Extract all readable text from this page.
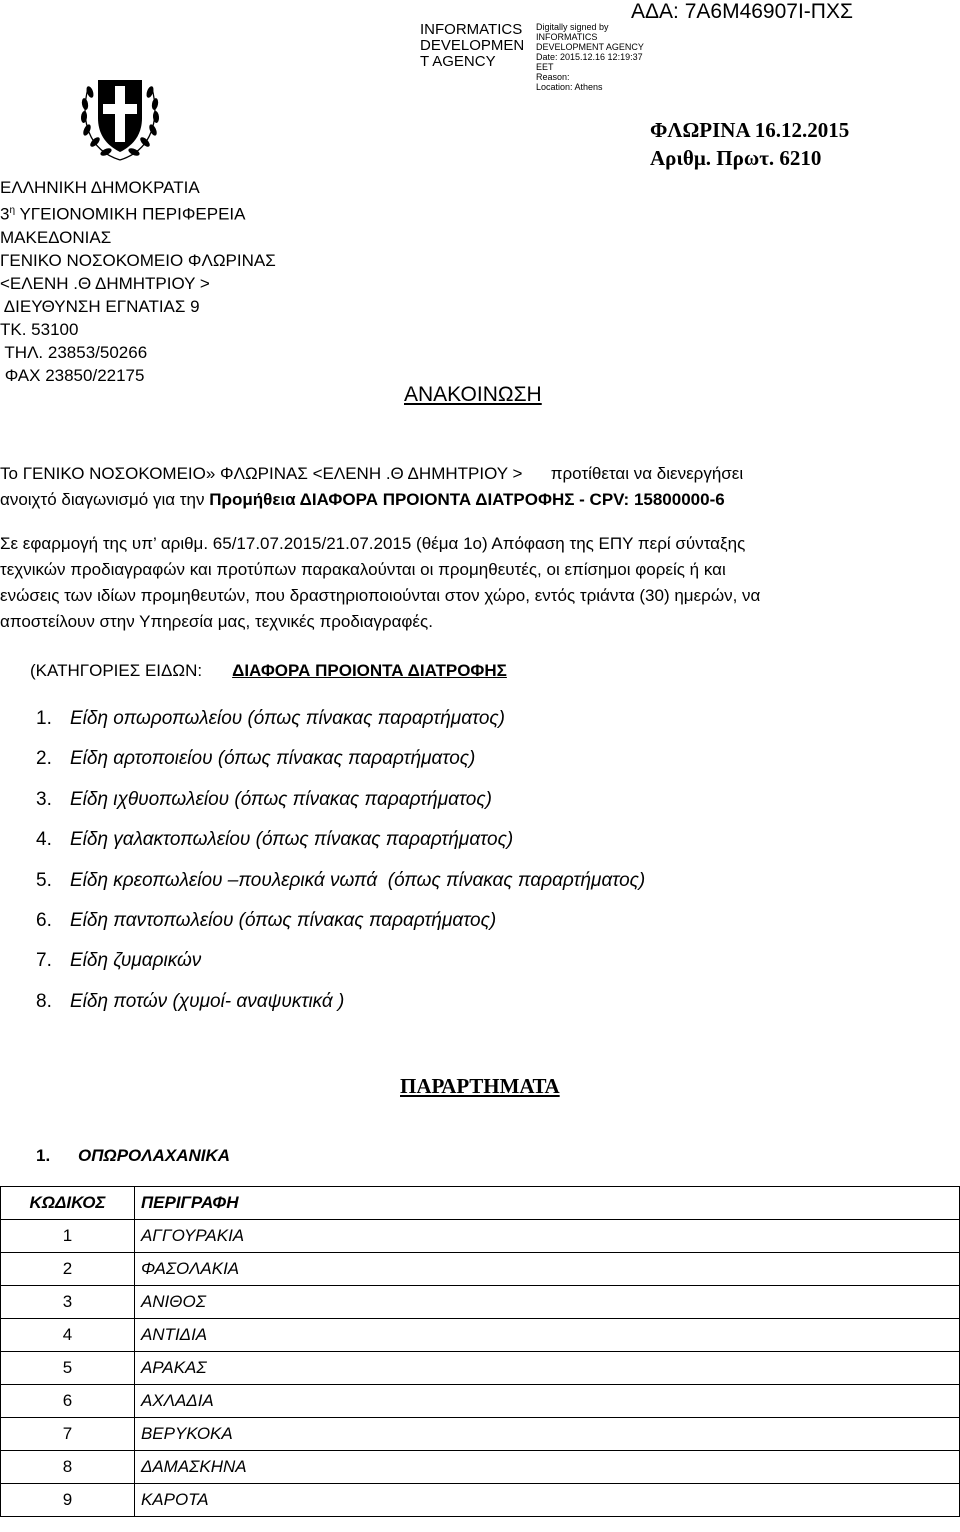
INFORMATICS
DEVELOPMEN
T AGENCY
Digitally signed by
INFORMATICS
DEVELOPMENT AGENCY
Date: 2015.12.16 12:19:37
EET
Reason:
Location: Athens
ΑΔΑ: 7Α6Μ46907Ι-ΠΧΣ
ΦΛΩΡΙΝΑ 16.12.2015
Αριθμ. Πρωτ. 6210
ΕΛΛΗΝΙΚΗ ΔΗΜΟΚΡΑΤΙΑ
$3^\eta$ ΥΓΕΙΟΝΟΜΙΚΗ ΠΕΡΙΦΕΡΕΙΑ
ΜΑΚΕΔΟΝΙΑΣ
ΓΕΝΙΚΟ ΝΟΣΟΚΟΜΕΙΟ ΦΛΩΡΙΝΑΣ
<ΕΛΕΝΗ .Θ ΔΗΜΗΤΡΙΟΥ >
ΔΙΕΥΘΥΝΣΗ ΕΓΝΑΤΙΑΣ 9
ΤΚ. 53100
ΤΗΛ. 23853/50266
ΦΑΧ 23850/22175
ΑΝΑΚΟΙΝΩΣΗ

Το ΓΕΝΙΚΟ ΝΟΣΟΚΟΜΕΙΟ» ΦΛΩΡΙΝΑΣ <ΕΛΕΝΗ .Θ ΔΗΜΗΤΡΙΟΥ >      προτίθεται να διενεργήσει

ανοιχτό διαγωνισμό για την Προμήθεια ΔΙΑΦΟΡΑ ΠΡΟΙΟΝΤΑ ΔΙΑΤΡΟΦΗΣ - CPV: 15800000-6

Σε εφαρμογή της υπ’ αριθμ. 65/17.07.2015/21.07.2015 (θέμα 1ο) Απόφαση της ΕΠΥ περί σύνταξης

τεχνικών προδιαγραφών και προτύπων παρακαλούνται οι προμηθευτές, οι επίσημοι φορείς ή και

ενώσεις των ιδίων προμηθευτών, που δραστηριοποιούνται στον χώρο, εντός τριάντα (30) ημερών, να

αποστείλουν στην Υπηρεσία μας, τεχνικές προδιαγραφές.

(ΚΑΤΗΓΟΡΙΕΣ ΕΙΔΩΝ: ΔΙΑΦΟΡΑ ΠΡΟΙΟΝΤΑ ΔΙΑΤΡΟΦΗΣ
1. Είδη οπωροπωλείου (όπως πίνακας παραρτήματος)
2. Είδη αρτοποιείου (όπως πίνακας παραρτήματος)
3. Είδη ιχθυοπωλείου (όπως πίνακας παραρτήματος)
4. Είδη γαλακτοπωλείου (όπως πίνακας παραρτήματος)
5. Είδη κρεοπωλείου –πουλερικά νωπά  (όπως πίνακας παραρτήματος)
6. Είδη παντοπωλείου (όπως πίνακας παραρτήματος)
7. Είδη ζυμαρικών
8. Είδη ποτών (χυμοί- αναψυκτικά )
ΠΑΡΑΡΤΗΜΑΤΑ
1. ΟΠΩΡΟΛΑΧΑΝΙΚΑ
ΚΩΔΙΚΟΣ	ΠΕΡΙΓΡΑΦΗ
1	ΑΓΓΟΥΡΑΚΙΑ
2	ΦΑΣΟΛΑΚΙΑ
3	ΑΝΙΘΟΣ
4	ΑΝΤΙΔΙΑ
5	ΑΡΑΚΑΣ
6	ΑΧΛΑΔΙΑ
7	ΒΕΡΥΚΟΚΑ
8	ΔΑΜΑΣΚΗΝΑ
9	ΚΑΡΟΤΑ
